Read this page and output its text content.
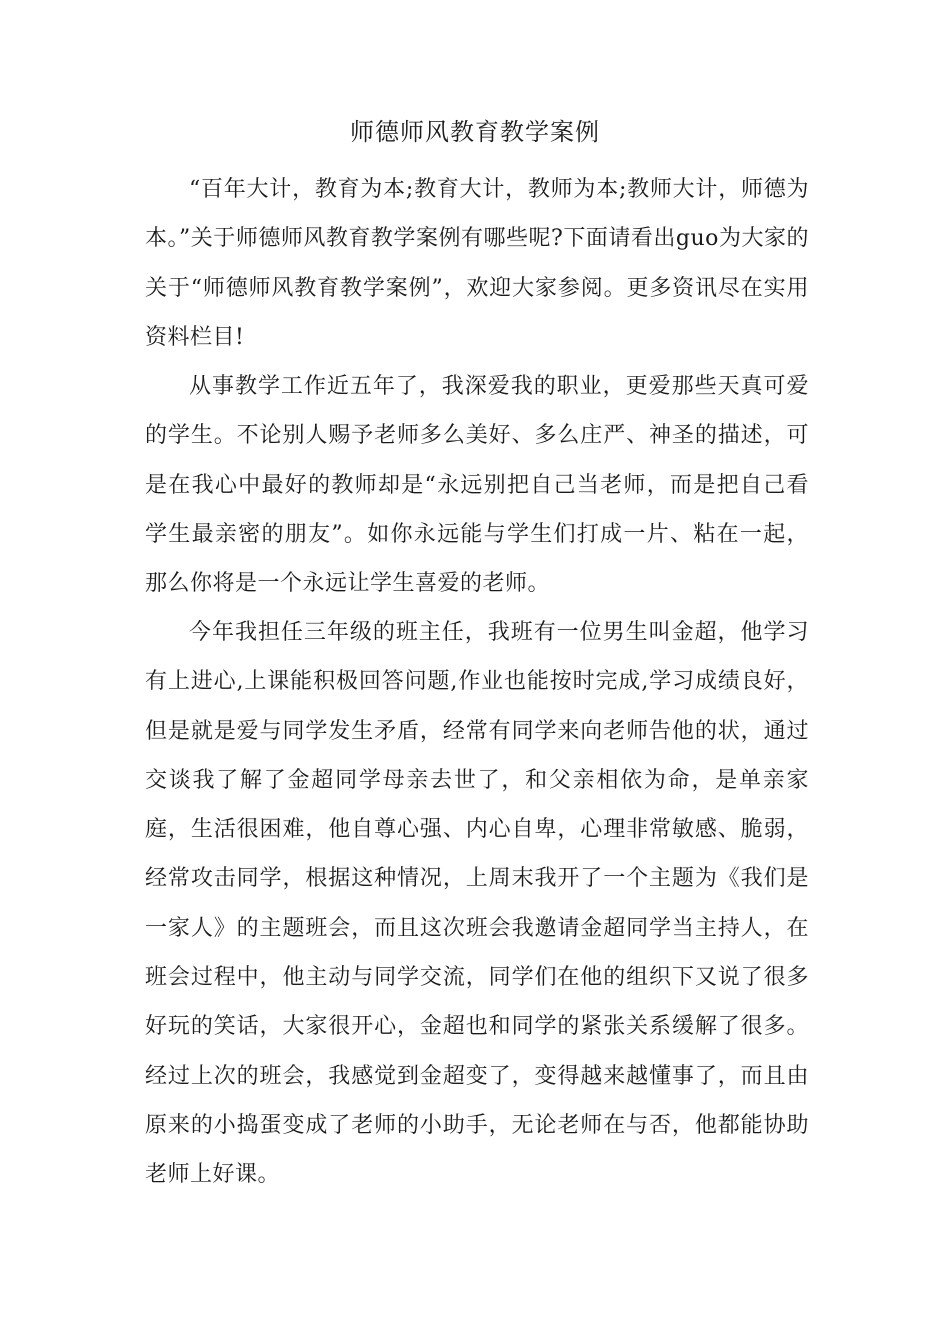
师德师风教育教学案例

“百年大计，教育为本;教育大计，教师为本;教师大计，师德为本。”关于师德师风教育教学案例有哪些呢?下面请看出guo为大家的关于“师德师风教育教学案例”，欢迎大家参阅。更多资讯尽在实用资料栏目!

从事教学工作近五年了，我深爱我的职业，更爱那些天真可爱的学生。不论别人赐予老师多么美好、多么庄严、神圣的描述，可是在我心中最好的教师却是“永远别把自己当老师，而是把自己看学生最亲密的朋友”。如你永远能与学生们打成一片、粘在一起，那么你将是一个永远让学生喜爱的老师。

今年我担任三年级的班主任，我班有一位男生叫金超，他学习有上进心,上课能积极回答问题,作业也能按时完成,学习成绩良好，但是就是爱与同学发生矛盾，经常有同学来向老师告他的状，通过交谈我了解了金超同学母亲去世了，和父亲相依为命，是单亲家庭，生活很困难，他自尊心强、内心自卑，心理非常敏感、脆弱，经常攻击同学，根据这种情况，上周末我开了一个主题为《我们是一家人》的主题班会，而且这次班会我邀请金超同学当主持人，在班会过程中，他主动与同学交流，同学们在他的组织下又说了很多好玩的笑话，大家很开心，金超也和同学的紧张关系缓解了很多。经过上次的班会，我感觉到金超变了，变得越来越懂事了，而且由原来的小捣蛋变成了老师的小助手，无论老师在与否，他都能协助老师上好课。
